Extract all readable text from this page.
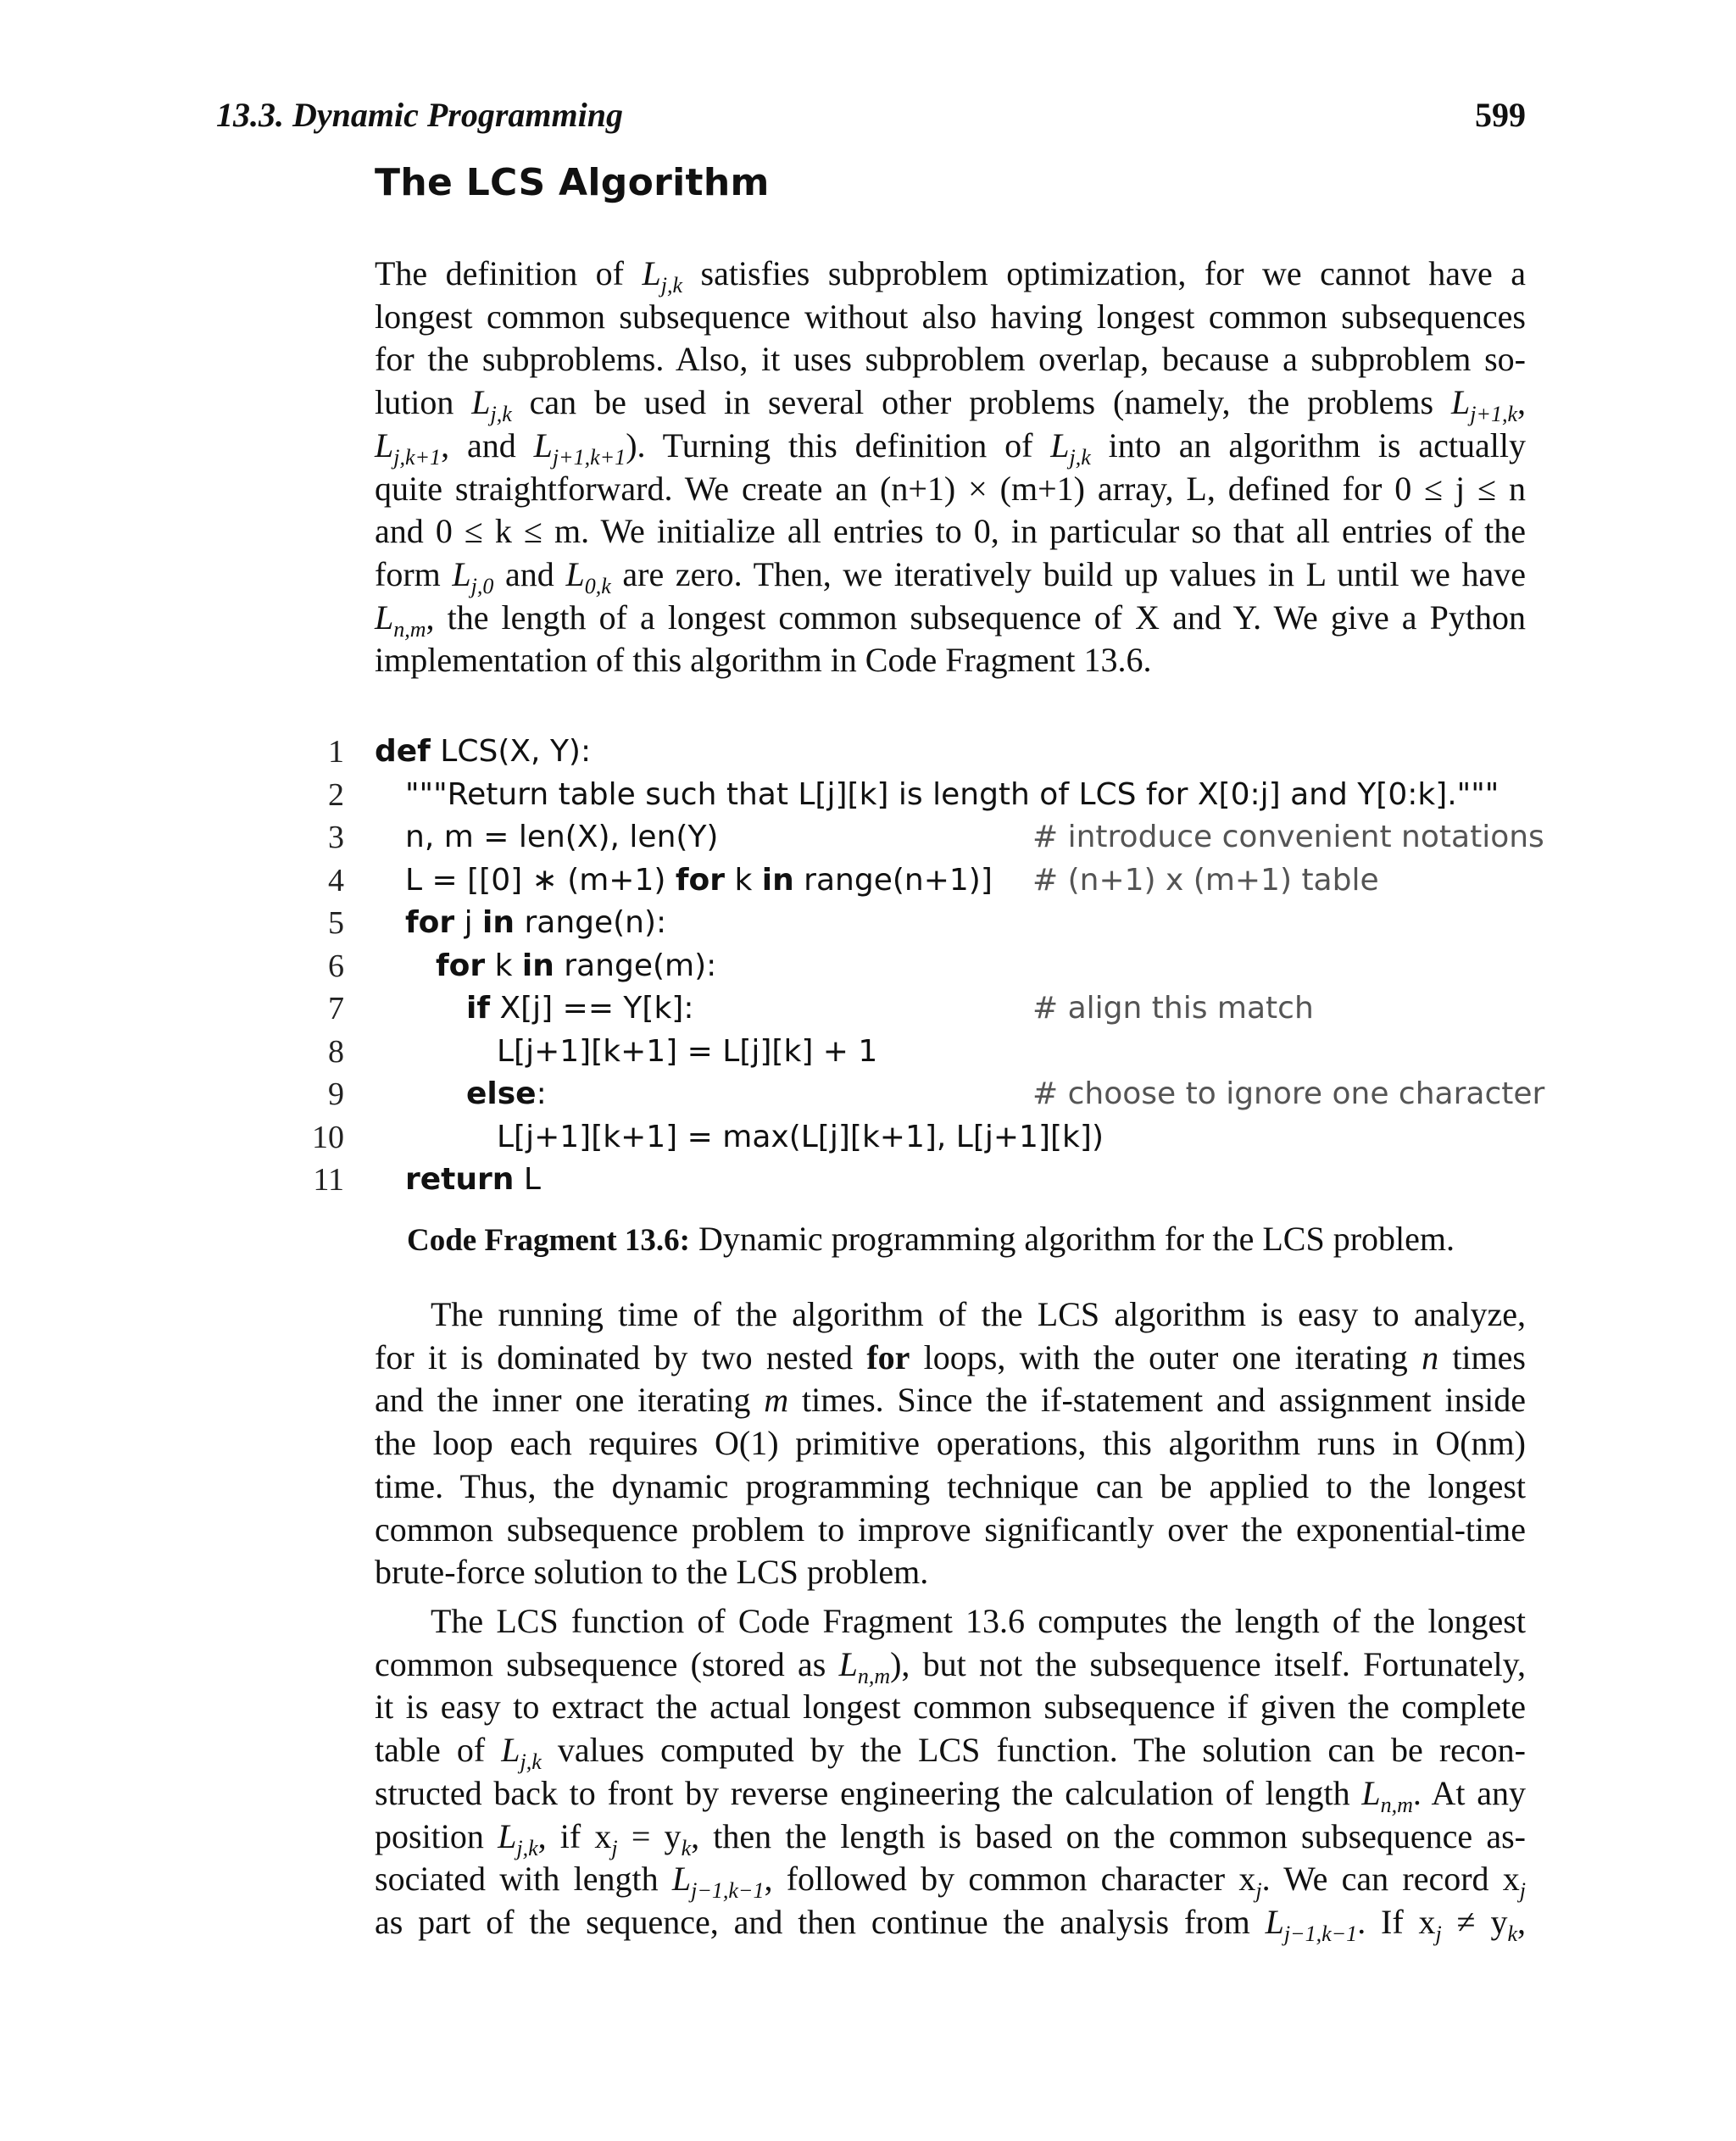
13.3. Dynamic Programming	599
The LCS Algorithm
The definition of $L_{j,k}$ satisfies subproblem optimization, for we cannot have a
longest common subsequence without also having longest common subsequences
for the subproblems. Also, it uses subproblem overlap, because a subproblem so-
lution $L_{j,k}$ can be used in several other problems (namely, the problems $L_{j+1,k}$,
$L_{j,k+1}$, and $L_{j+1,k+1}$). Turning this definition of $L_{j,k}$ into an algorithm is actually
quite straightforward. We create an (n+1) × (m+1) array, L, defined for 0 ≤ j ≤ n
and 0 ≤ k ≤ m. We initialize all entries to 0, in particular so that all entries of the
form $L_{j,0}$ and $L_{0,k}$ are zero. Then, we iteratively build up values in L until we have
$L_{n,m}$, the length of a longest common subsequence of X and Y. We give a Python
implementation of this algorithm in Code Fragment 13.6.
1 def LCS(X, Y):
2 """Return table such that L[j][k] is length of LCS for X[0:j] and Y[0:k]."""
3 n, m = len(X), len(Y)	# introduce convenient notations
4 L = [[0] ∗ (m+1) for k in range(n+1)] # (n+1) x (m+1) table
5 for j in range(n):
6	for k in range(m):
7	if X[j] == Y[k]:	# align this match
8	L[j+1][k+1] = L[j][k] + 1
9	else:	# choose to ignore one character
10	L[j+1][k+1] = max(L[j][k+1], L[j+1][k])
11 return L
Code Fragment 13.6: Dynamic programming algorithm for the LCS problem.
The running time of the algorithm of the LCS algorithm is easy to analyze,
for it is dominated by two nested for loops, with the outer one iterating n times
and the inner one iterating m times. Since the if-statement and assignment inside
the loop each requires O(1) primitive operations, this algorithm runs in O(nm)
time. Thus, the dynamic programming technique can be applied to the longest
common subsequence problem to improve significantly over the exponential-time
brute-force solution to the LCS problem.
The LCS function of Code Fragment 13.6 computes the length of the longest
common subsequence (stored as $L_{n,m}$), but not the subsequence itself. Fortunately,
it is easy to extract the actual longest common subsequence if given the complete
table of $L_{j,k}$ values computed by the LCS function. The solution can be recon-
structed back to front by reverse engineering the calculation of length $L_{n,m}$. At any
position $L_{j,k}$, if $x_j = y_k$, then the length is based on the common subsequence as-
sociated with length $L_{j-1,k-1}$, followed by common character $x_j$. We can record $x_j$
as part of the sequence, and then continue the analysis from $L_{j-1,k-1}$. If $x_j \ne y_k$,
